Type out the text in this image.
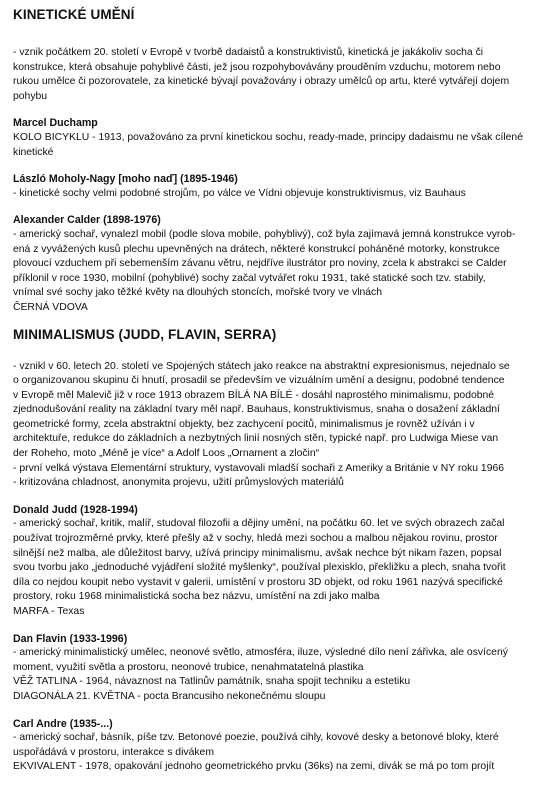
KINETICKÉ UMĚNÍ
- vznik počátkem 20. století v Evropě v tvorbě dadaistů a konstruktivistů, kinetická je jakákoliv socha či
konstrukce, která obsahuje pohyblivé části, jež jsou rozpohybovávány prouděním vzduchu, motorem nebo
rukou umělce či pozorovatele, za kinetické bývají považovány i obrazy umělců op artu, které vytvářejí dojem
pohybu
Marcel Duchamp
KOLO BICYKLU - 1913, považováno za první kinetickou sochu, ready-made, principy dadaismu ne však cílené
kinetické
László Moholy-Nagy [moho naď] (1895-1946)
- kinetické sochy velmi podobné strojům, po válce ve Vídni objevuje konstruktivismus, viz Bauhaus
Alexander Calder (1898-1976)
- americký sochař, vynalezl mobil (podle slova mobile, pohyblivý), což byla zajímavá jemná konstrukce vyrob-
ená z vyvážených kusů plechu upevněných na drátech, některé konstrukcí poháněné motorky, konstrukce
plovoucí vzduchem při sebemenším závanu větru, nejdříve ilustrátor pro noviny, zcela k abstrakci se Calder
příklonil v roce 1930, mobilní (pohyblivé) sochy začal vytvářet roku 1931, také statické soch tzv. stabily,
vnímal své sochy jako těžké květy na dlouhých stoncích, mořské tvory ve vlnách
ČERNÁ VDOVA
MINIMALISMUS (JUDD, FLAVIN, SERRA)
- vznikl v 60. letech 20. století ve Spojených státech jako reakce na abstraktní expresionismus, nejednalo se
o organizovanou skupinu či hnutí, prosadil se především ve vizuálním umění a designu, podobné tendence
v Evropě měl Malevič již v roce 1913 obrazem BÍLÁ NA BÍLÉ - dosáhl naprostého minimalismu, podobné
zjednodušování reality na základní tvary měl např. Bauhaus, konstruktivismus, snaha o dosažení základní
geometrické formy, zcela abstraktní objekty, bez zachycení pocitů, minimalismus je rovněž užíván i v
architektuře, redukce do základních a nezbytných linií nosných stěn, typické např. pro Ludwiga Miese van
der Roheho, moto „Méně je více“ a Adolf Loos „Ornament a zločin“
- první velká výstava Elementární struktury, vystavovali mladší sochaři z Ameriky a Británie v NY roku 1966
- kritizována chladnost, anonymita projevu, užití průmyslových materiálů
Donald Judd (1928-1994)
- americký sochař, kritik, malíř, studoval filozofii a dějiny umění, na počátku 60. let ve svých obrazech začal
používat trojrozměrné prvky, které přešly až v sochy, hledá mezi sochou a malbou nějakou rovinu, prostor
silnější než malba, ale důležitost barvy, užívá principy minimalismu, avšak nechce být nikam řazen, popsal
svou tvorbu jako „jednoduché vyjádření složité myšlenky“, používal plexisklo, překližku a plech, snaha tvořit
díla co nejdou koupit nebo vystavit v galerii, umístění v prostoru 3D objekt, od roku 1961 nazývá specifické
prostory, roku 1968 minimalistická socha bez názvu, umístění na zdi jako malba
MARFA - Texas
Dan Flavin (1933-1996)
- americký minimalistický umělec, neonové světlo, atmosféra, iluze, výsledné dílo není zářivka, ale osvícený
moment, využití světla a prostoru, neonové trubice, nenahmatatelná plastika
VĚŽ TATLINA - 1964, návaznost na Tatlinův památník, snaha spojit techniku a estetiku
DIAGONÁLA 21. KVĚTNA - pocta Brancusiho nekonečnému sloupu
Carl Andre (1935-...)
- americký sochař, básník, píše tzv. Betonové poezie, používá cihly, kovové desky a betonové bloky, které
uspořádává v prostoru, interakce s divákem
EKVIVALENT - 1978, opakování jednoho geometrického prvku (36ks) na zemi, divák se má po tom projít
